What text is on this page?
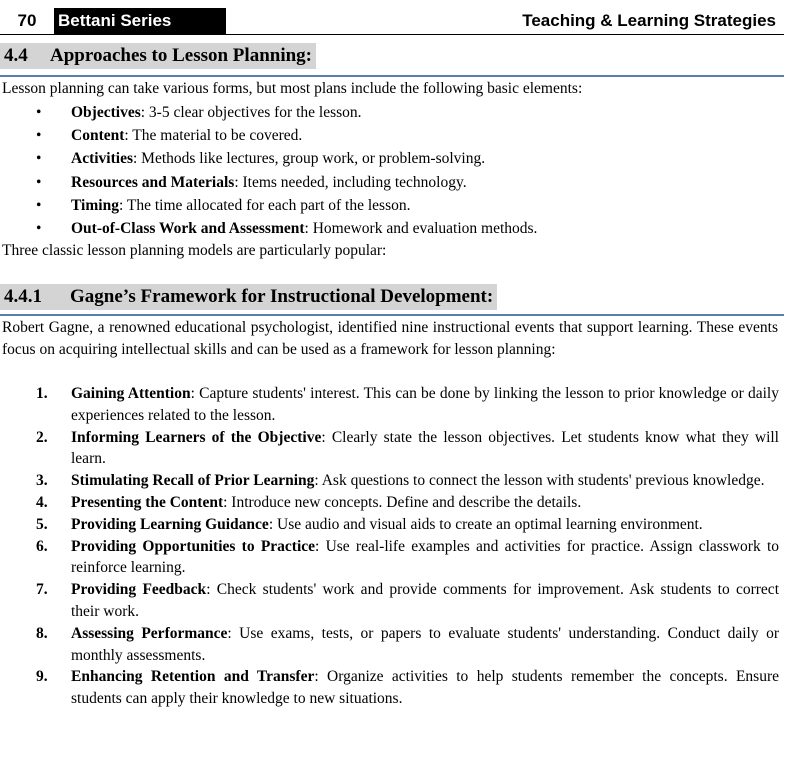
70	Bettani Series	Teaching & Learning Strategies
4.4 Approaches to Lesson Planning:
Lesson planning can take various forms, but most plans include the following basic elements:
• Objectives: 3-5 clear objectives for the lesson.
• Content: The material to be covered.
• Activities: Methods like lectures, group work, or problem-solving.
• Resources and Materials: Items needed, including technology.
• Timing: The time allocated for each part of the lesson.
• Out-of-Class Work and Assessment: Homework and evaluation methods.
Three classic lesson planning models are particularly popular:
4.4.1 Gagne’s Framework for Instructional Development:
Robert Gagne, a renowned educational psychologist, identified nine instructional events that support learning. These events focus on acquiring intellectual skills and can be used as a framework for lesson planning:
1. Gaining Attention: Capture students' interest. This can be done by linking the lesson to prior knowledge or daily experiences related to the lesson.
2. Informing Learners of the Objective: Clearly state the lesson objectives. Let students know what they will learn.
3. Stimulating Recall of Prior Learning: Ask questions to connect the lesson with students' previous knowledge.
4. Presenting the Content: Introduce new concepts. Define and describe the details.
5. Providing Learning Guidance: Use audio and visual aids to create an optimal learning environment.
6. Providing Opportunities to Practice: Use real-life examples and activities for practice. Assign classwork to reinforce learning.
7. Providing Feedback: Check students' work and provide comments for improvement. Ask students to correct their work.
8. Assessing Performance: Use exams, tests, or papers to evaluate students' understanding. Conduct daily or monthly assessments.
9. Enhancing Retention and Transfer: Organize activities to help students remember the concepts. Ensure students can apply their knowledge to new situations.
